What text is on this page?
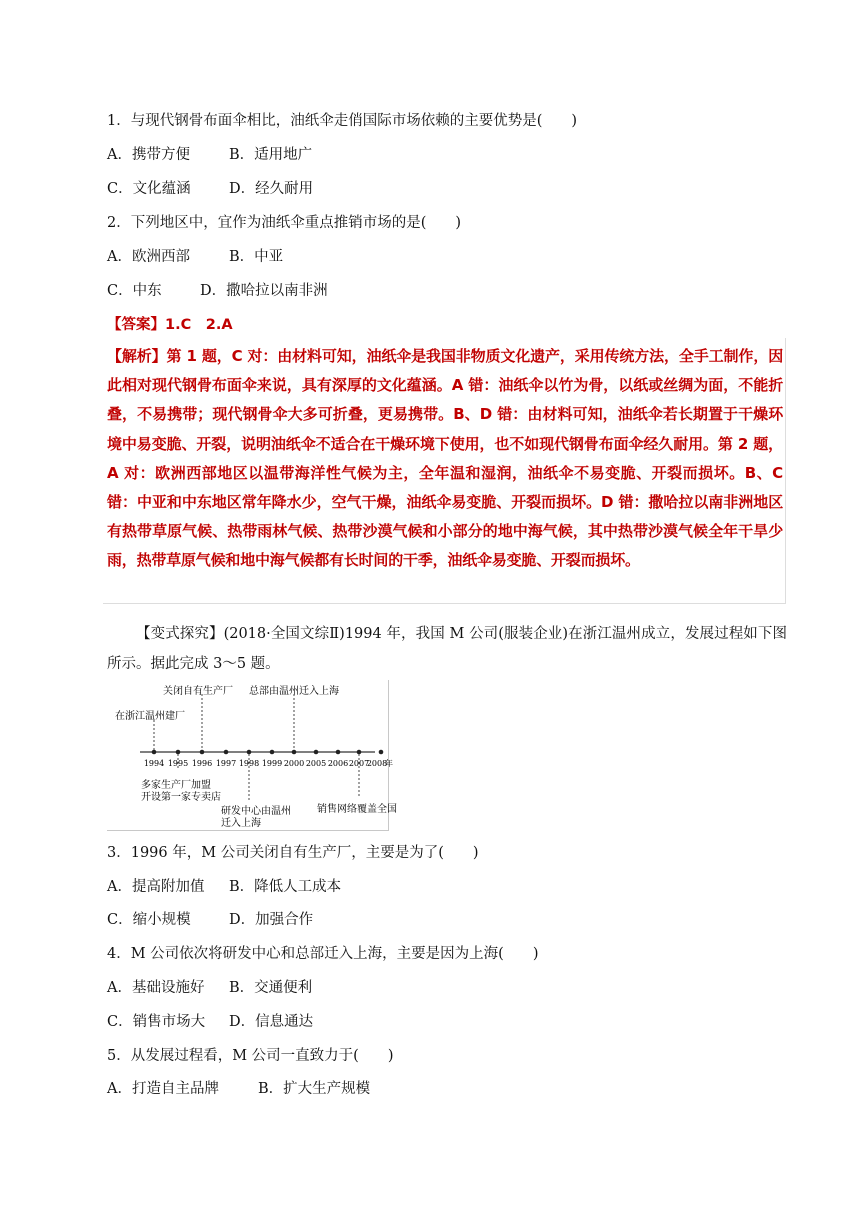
1．与现代钢骨布面伞相比，油纸伞走俏国际市场依赖的主要优势是(　　)
A．携带方便	B．适用地广
C．文化蕴涵	D．经久耐用
2．下列地区中，宜作为油纸伞重点推销市场的是(　　)
A．欧洲西部	B．中亚
C．中东	D．撒哈拉以南非洲
【答案】1.C　2.A
【解析】第 1 题，C 对：由材料可知，油纸伞是我国非物质文化遗产，采用传统方法，全手工制作，因此相对现代钢骨布面伞来说，具有深厚的文化蕴涵。A 错：油纸伞以竹为骨，以纸或丝绸为面，不能折叠，不易携带；现代钢骨伞大多可折叠，更易携带。B、D 错：由材料可知，油纸伞若长期置于干燥环境中易变脆、开裂，说明油纸伞不适合在干燥环境下使用，也不如现代钢骨布面伞经久耐用。第 2 题，A 对：欧洲西部地区以温带海洋性气候为主，全年温和湿润，油纸伞不易变脆、开裂而损坏。B、C 错：中亚和中东地区常年降水少，空气干燥，油纸伞易变脆、开裂而损坏。D 错：撒哈拉以南非洲地区有热带草原气候、热带雨林气候、热带沙漠气候和小部分的地中海气候，其中热带沙漠气候全年干旱少雨，热带草原气候和地中海气候都有长时间的干季，油纸伞易变脆、开裂而损坏。
【变式探究】(2018·全国文综Ⅱ)1994 年，我国 M 公司(服装企业)在浙江温州成立，发展过程如下图所示。据此完成 3～5 题。
1994 1995 1996 1997 1998 1999 2000 2005 2006 2007
2008
年
在浙江温州建厂
关闭自有生产厂 总部由温州迁入上海
多家生产厂加盟
开设第一家专卖店
研发中心由温州
迁入上海
销售网络覆盖全国
3．1996 年，M 公司关闭自有生产厂，主要是为了(　　)
A．提高附加值 B．降低人工成本
C．缩小规模	D．加强合作
4．M 公司依次将研发中心和总部迁入上海，主要是因为上海(　　)
A．基础设施好 B．交通便利
C．销售市场大 D．信息通达
5．从发展过程看，M 公司一直致力于(　　)
A．打造自主品牌	B．扩大生产规模
